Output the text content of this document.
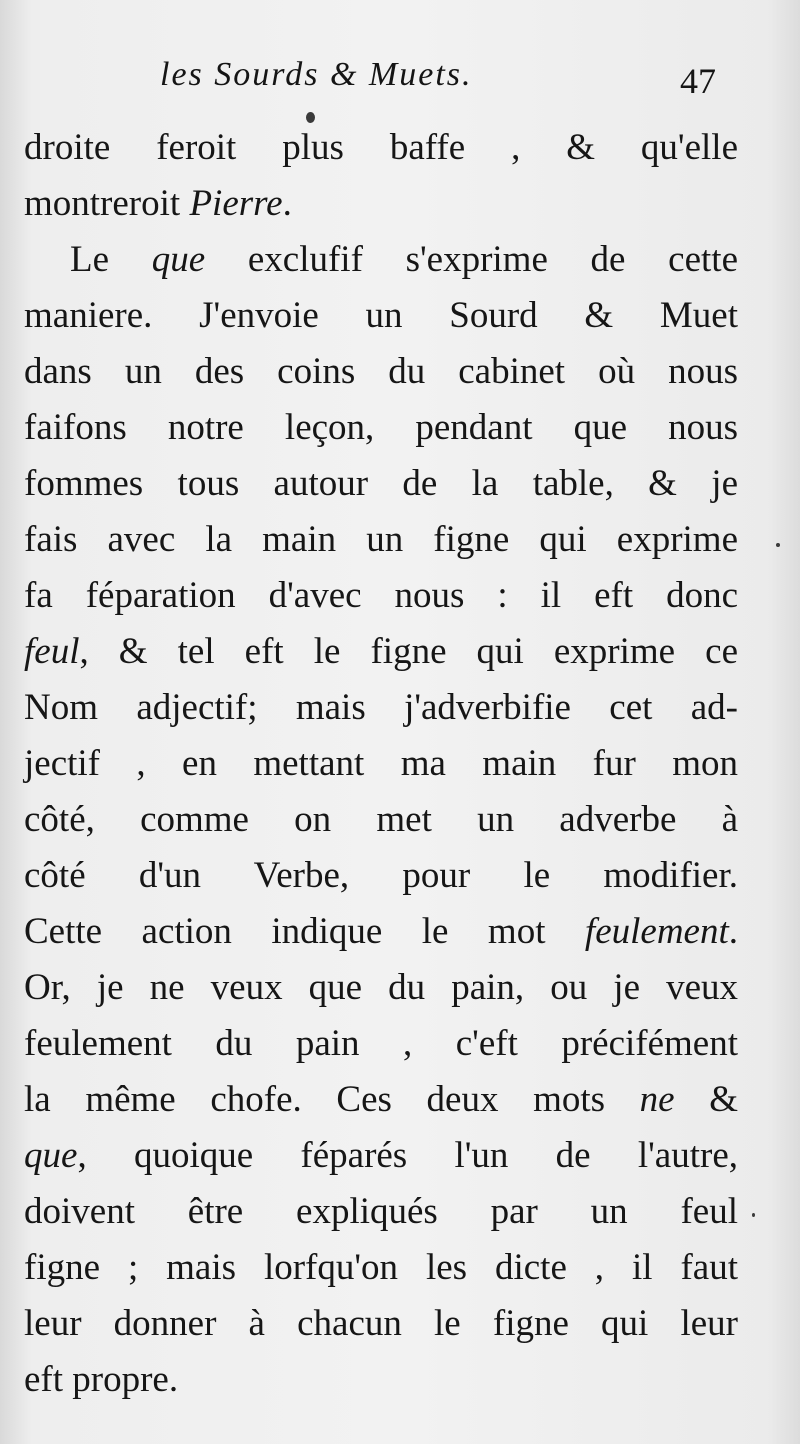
les Sourds & Muets.	47
droite feroit plus baffe , & qu'elle
montreroit Pierre.
Le que exclufif s'exprime de cette
maniere. J'envoie un Sourd & Muet
dans un des coins du cabinet où nous
faifons notre leçon, pendant que nous
fommes tous autour de la table, & je
fais avec la main un figne qui exprime
fa féparation d'avec nous : il eft donc
feul, & tel eft le figne qui exprime ce
Nom adjectif; mais j'adverbifie cet ad-
jectif , en mettant ma main fur mon
côté, comme on met un adverbe à
côté d'un Verbe, pour le modifier.
Cette action indique le mot feulement.
Or, je ne veux que du pain, ou je veux
feulement du pain , c'eft précifément
la même chofe. Ces deux mots ne &
que, quoique féparés l'un de l'autre,
doivent être expliqués par un feul
figne ; mais lorfqu'on les dicte , il faut
leur donner à chacun le figne qui leur
eft propre.
